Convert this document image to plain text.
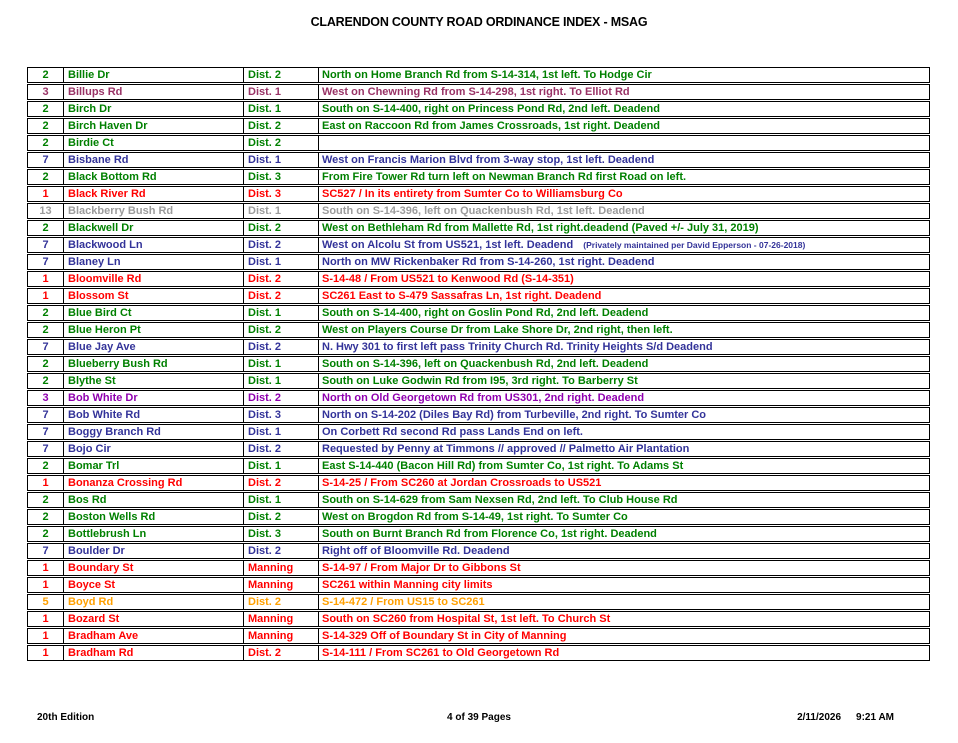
CLARENDON COUNTY ROAD ORDINANCE INDEX - MSAG
2	Billie Dr	Dist. 2	North on Home Branch Rd from S-14-314, 1st left. To Hodge Cir
3	Billups Rd	Dist. 1	West on Chewning Rd from S-14-298, 1st right. To Elliot Rd
2	Birch Dr	Dist. 1	South on S-14-400, right on Princess Pond Rd, 2nd left. Deadend
2	Birch Haven Dr	Dist. 2	East on Raccoon Rd from James Crossroads, 1st right. Deadend
2	Birdie Ct	Dist. 2
7	Bisbane Rd	Dist. 1	West on Francis Marion Blvd from 3-way stop, 1st left. Deadend
2	Black Bottom Rd	Dist. 3	From Fire Tower Rd turn left on Newman Branch Rd first Road on left.
1	Black River Rd	Dist. 3	SC527 / In its entirety from Sumter Co to Williamsburg Co
13	Blackberry Bush Rd	Dist. 1	South on S-14-396, left on Quackenbush Rd, 1st left. Deadend
2	Blackwell Dr	Dist. 2	West on Bethleham Rd from Mallette Rd, 1st right.deadend (Paved +/- July 31, 2019)
7	Blackwood Ln	Dist. 2	West on Alcolu St from US521, 1st left. Deadend (Privately maintained per David Epperson - 07-26-2018)
7	Blaney Ln	Dist. 1	North on MW Rickenbaker Rd from S-14-260, 1st right. Deadend
1	Bloomville Rd	Dist. 2	S-14-48 / From US521 to Kenwood Rd (S-14-351)
1	Blossom St	Dist. 2	SC261 East to S-479 Sassafras Ln, 1st right. Deadend
2	Blue Bird Ct	Dist. 1	South on S-14-400, right on Goslin Pond Rd, 2nd left. Deadend
2	Blue Heron Pt	Dist. 2	West on Players Course Dr from Lake Shore Dr, 2nd right, then left.
7	Blue Jay Ave	Dist. 2	N. Hwy 301 to first left pass Trinity Church Rd. Trinity Heights S/d Deadend
2	Blueberry Bush Rd	Dist. 1	South on S-14-396, left on Quackenbush Rd, 2nd left. Deadend
2	Blythe St	Dist. 1	South on Luke Godwin Rd from I95, 3rd right. To Barberry St
3	Bob White Dr	Dist. 2	North on Old Georgetown Rd from US301, 2nd right. Deadend
7	Bob White Rd	Dist. 3	North on S-14-202 (Diles Bay Rd) from Turbeville, 2nd right. To Sumter Co
7	Boggy Branch Rd	Dist. 1	On Corbett Rd second Rd pass Lands End on left.
7	Bojo Cir	Dist. 2	Requested by Penny at Timmons // approved // Palmetto Air Plantation
2	Bomar Trl	Dist. 1	East S-14-440 (Bacon Hill Rd) from Sumter Co, 1st right. To Adams St
1	Bonanza Crossing Rd	Dist. 2	S-14-25 / From SC260 at Jordan Crossroads to US521
2	Bos Rd	Dist. 1	South on S-14-629 from Sam Nexsen Rd, 2nd left. To Club House Rd
2	Boston Wells Rd	Dist. 2	West on Brogdon Rd from S-14-49, 1st right. To Sumter Co
2	Bottlebrush Ln	Dist. 3	South on Burnt Branch Rd from Florence Co, 1st right. Deadend
7	Boulder Dr	Dist. 2	Right off of Bloomville Rd. Deadend
1	Boundary St	Manning	S-14-97 / From Major Dr to Gibbons St
1	Boyce St	Manning	SC261 within Manning city limits
5	Boyd Rd	Dist. 2	S-14-472 / From US15 to SC261
1	Bozard St	Manning	South on SC260 from Hospital St, 1st left. To Church St
1	Bradham Ave	Manning	S-14-329 Off of Boundary St in City of Manning
1	Bradham Rd	Dist. 2	S-14-111 / From SC261 to Old Georgetown Rd
20th Edition	4 of 39 Pages	2/11/2026 9:21 AM
